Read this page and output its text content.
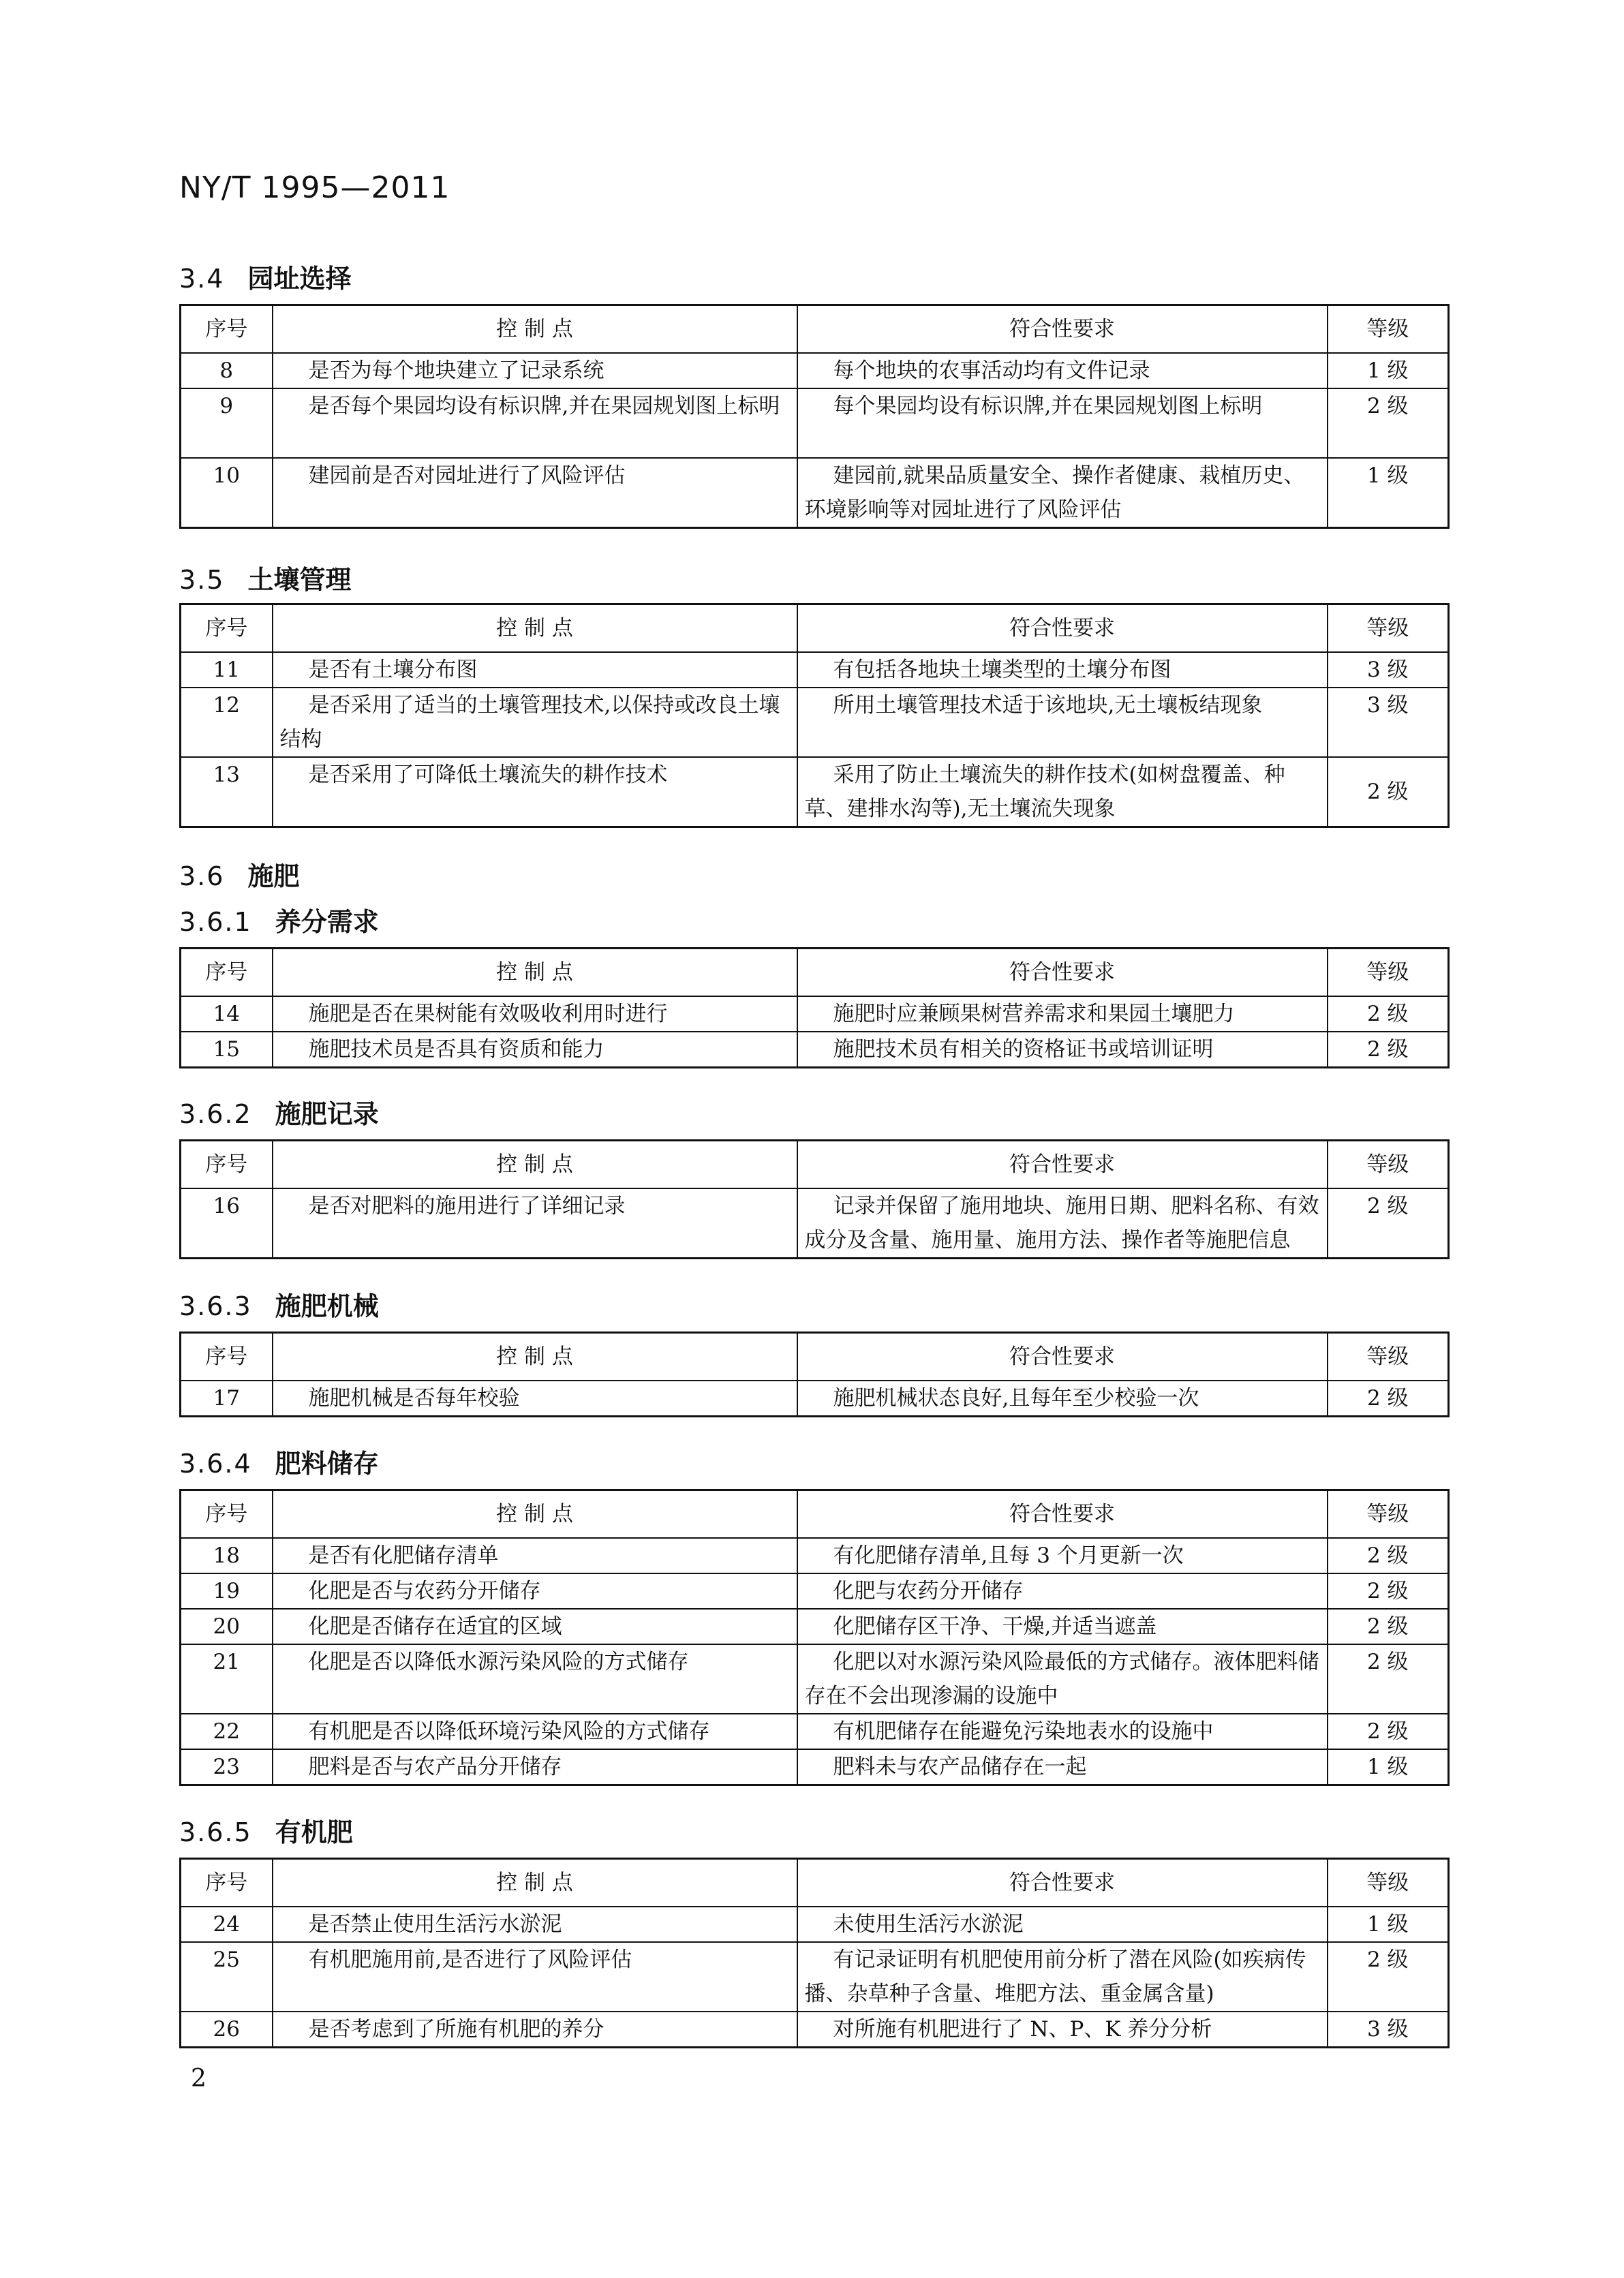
NY/T 1995—2011
3.4 园址选择
序号	控 制 点	符合性要求	等级
8	是否为每个地块建立了记录系统	每个地块的农事活动均有文件记录	1 级
9	是否每个果园均设有标识牌,并在果园规划图上标明	每个果园均设有标识牌,并在果园规划图上标明	2 级
10	建园前是否对园址进行了风险评估	建园前,就果品质量安全、操作者健康、栽植历史、环境影响等对园址进行了风险评估	1 级
3.5 土壤管理
序号	控 制 点	符合性要求	等级
11	是否有土壤分布图	有包括各地块土壤类型的土壤分布图	3 级
12	是否采用了适当的土壤管理技术,以保持或改良土壤结构	所用土壤管理技术适于该地块,无土壤板结现象	3 级
13	是否采用了可降低土壤流失的耕作技术	采用了防止土壤流失的耕作技术(如树盘覆盖、种草、建排水沟等),无土壤流失现象	2 级
3.6 施肥
3.6.1 养分需求
序号	控 制 点	符合性要求	等级
14	施肥是否在果树能有效吸收利用时进行	施肥时应兼顾果树营养需求和果园土壤肥力	2 级
15	施肥技术员是否具有资质和能力	施肥技术员有相关的资格证书或培训证明	2 级
3.6.2 施肥记录
序号	控 制 点	符合性要求	等级
16	是否对肥料的施用进行了详细记录	记录并保留了施用地块、施用日期、肥料名称、有效成分及含量、施用量、施用方法、操作者等施肥信息	2 级
3.6.3 施肥机械
序号	控 制 点	符合性要求	等级
17	施肥机械是否每年校验	施肥机械状态良好,且每年至少校验一次	2 级
3.6.4 肥料储存
序号	控 制 点	符合性要求	等级
18	是否有化肥储存清单	有化肥储存清单,且每 3 个月更新一次	2 级
19	化肥是否与农药分开储存	化肥与农药分开储存	2 级
20	化肥是否储存在适宜的区域	化肥储存区干净、干燥,并适当遮盖	2 级
21	化肥是否以降低水源污染风险的方式储存	化肥以对水源污染风险最低的方式储存。液体肥料储存在不会出现渗漏的设施中	2 级
22	有机肥是否以降低环境污染风险的方式储存	有机肥储存在能避免污染地表水的设施中	2 级
23	肥料是否与农产品分开储存	肥料未与农产品储存在一起	1 级
3.6.5 有机肥
序号	控 制 点	符合性要求	等级
24	是否禁止使用生活污水淤泥	未使用生活污水淤泥	1 级
25	有机肥施用前,是否进行了风险评估	有记录证明有机肥使用前分析了潜在风险(如疾病传播、杂草种子含量、堆肥方法、重金属含量)	2 级
26	是否考虑到了所施有机肥的养分	对所施有机肥进行了 N、P、K 养分分析	3 级
2
